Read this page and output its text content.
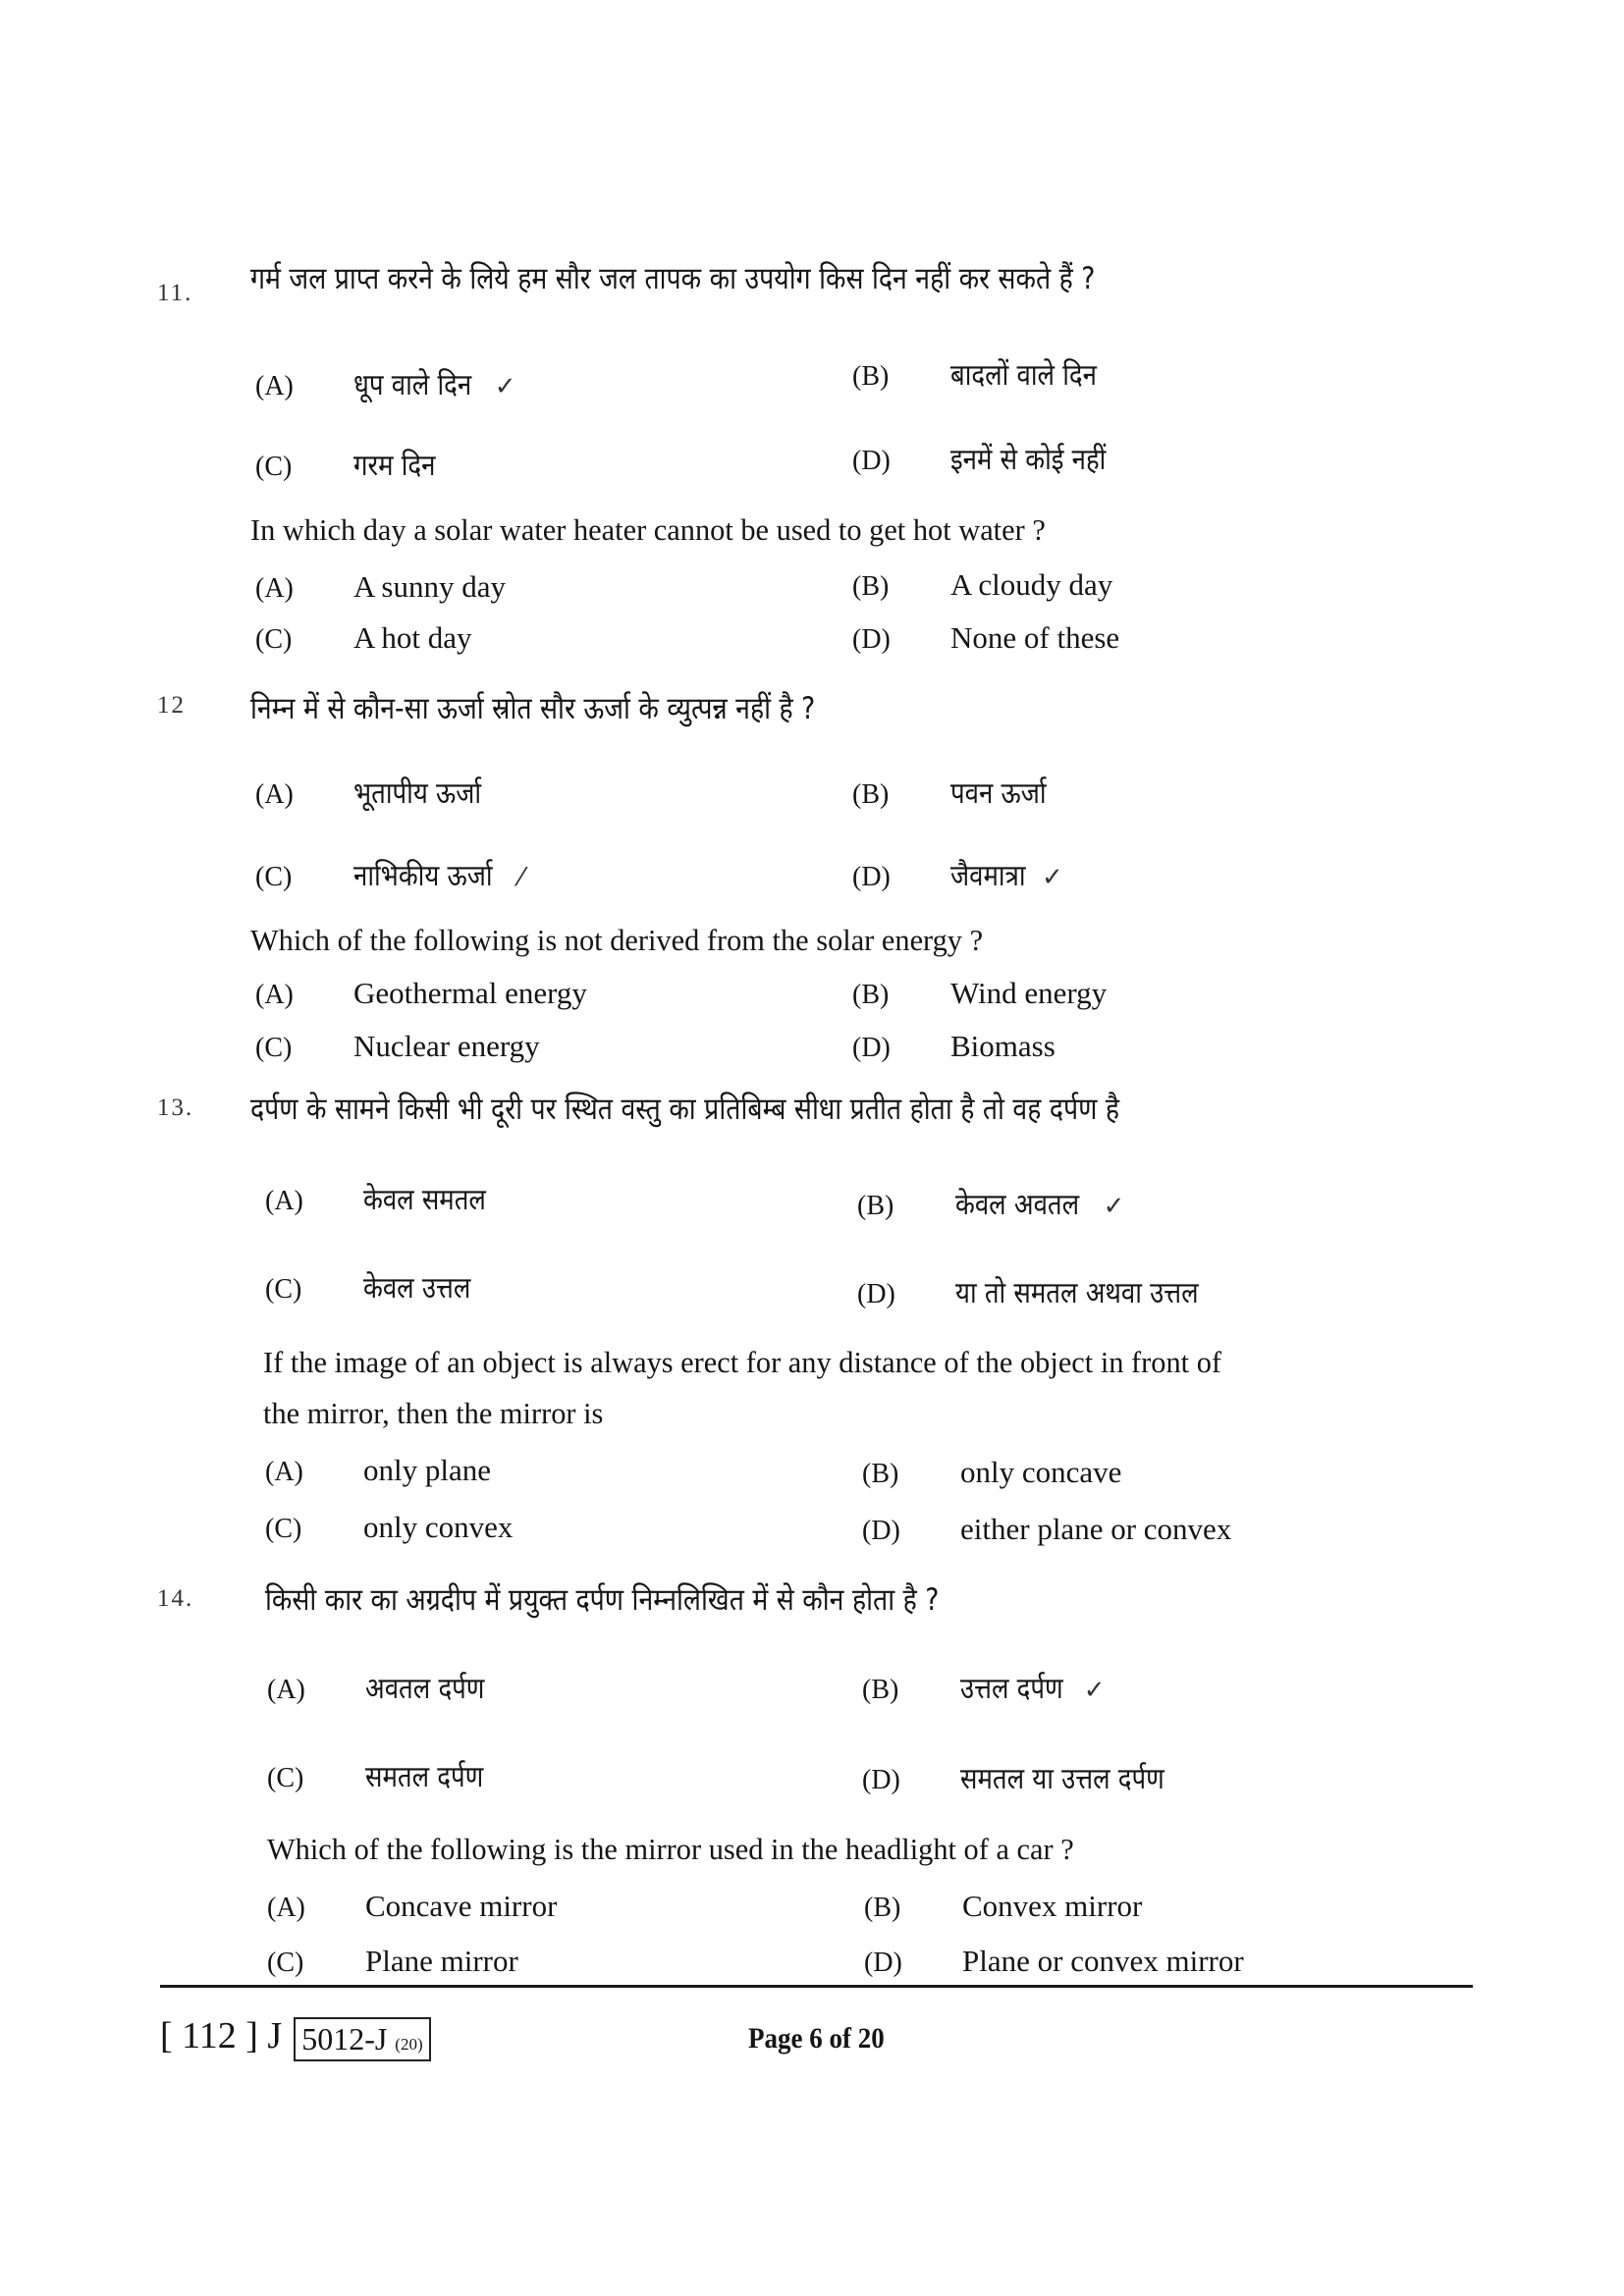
11. गर्म जल प्राप्त करने के लिये हम सौर जल तापक का उपयोग किस दिन नहीं कर सकते हैं ?
(A) धूप वाले दिन ✓	(B) बादलों वाले दिन
(C) गरम दिन	(D) इनमें से कोई नहीं
In which day a solar water heater cannot be used to get hot water ?
(A) A sunny day	(B) A cloudy day
(C) A hot day	(D) None of these
12 निम्न में से कौन-सा ऊर्जा स्रोत सौर ऊर्जा के व्युत्पन्न नहीं है ?
(A) भूतापीय ऊर्जा	(B) पवन ऊर्जा
(C) नाभिकीय ऊर्जा ⁄	(D) जैवमात्रा ✓
Which of the following is not derived from the solar energy ?
(A) Geothermal energy	(B) Wind energy
(C) Nuclear energy	(D) Biomass
13. दर्पण के सामने किसी भी दूरी पर स्थित वस्तु का प्रतिबिम्ब सीधा प्रतीत होता है तो वह दर्पण है
(A) केवल समतल	(B) केवल अवतल ✓
(C) केवल उत्तल	(D) या तो समतल अथवा उत्तल
If the image of an object is always erect for any distance of the object in front of
the mirror, then the mirror is
(A) only plane	(B) only concave
(C) only convex	(D) either plane or convex
14. किसी कार का अग्रदीप में प्रयुक्त दर्पण निम्नलिखित में से कौन होता है ?
(A) अवतल दर्पण	(B) उत्तल दर्पण ✓
(C) समतल दर्पण	(D) समतल या उत्तल दर्पण
Which of the following is the mirror used in the headlight of a car ?
(A) Concave mirror	(B) Convex mirror
(C) Plane mirror	(D) Plane or convex mirror
[ 112 ] J 5012-J (20)	Page 6 of 20
